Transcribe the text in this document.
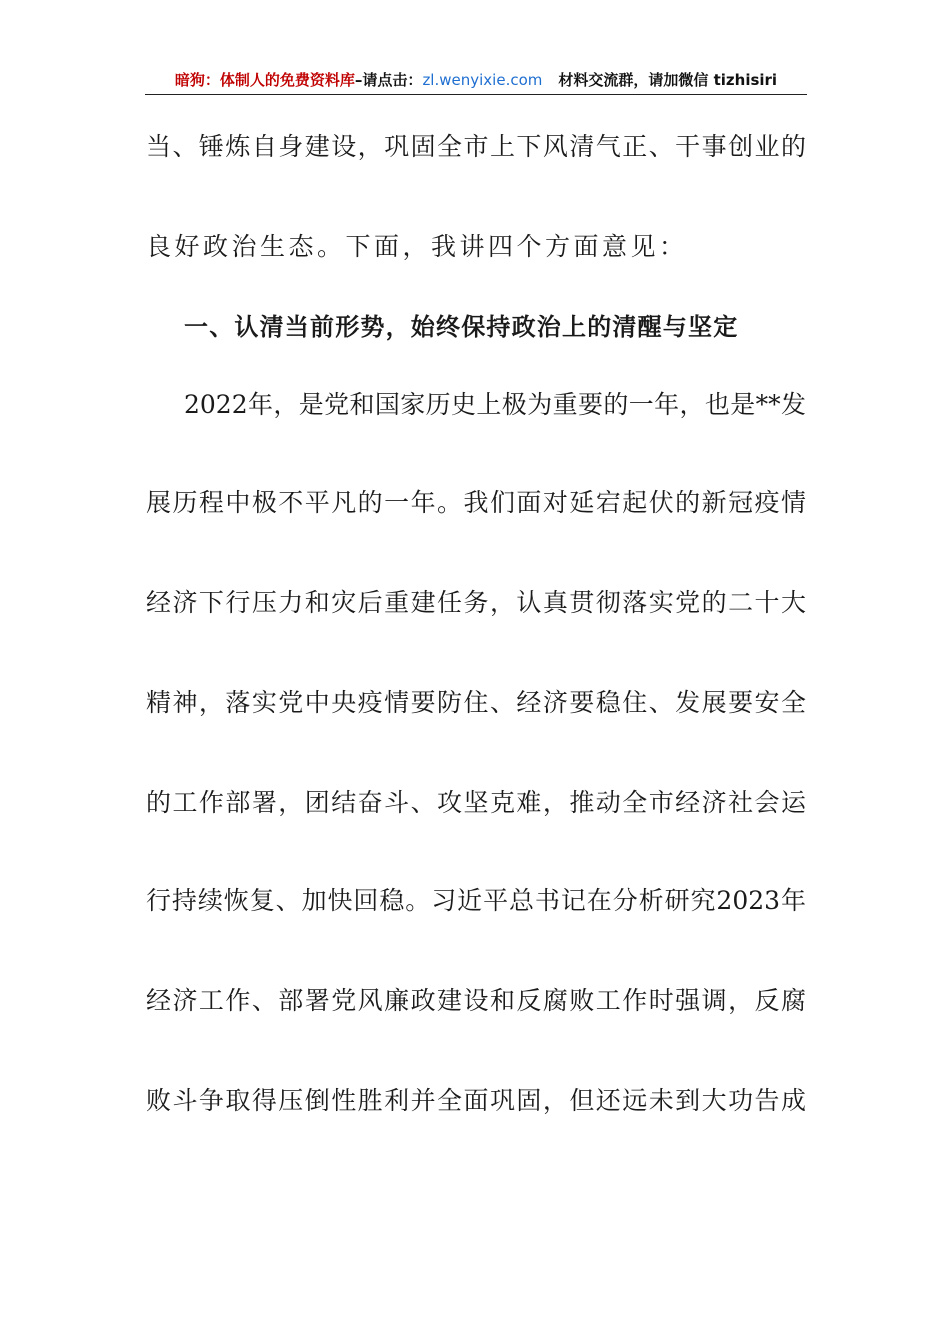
暗狗：体制人的免费资料库–请点击：zl.wenyixie.com 材料交流群，请加微信 tizhisiri
当、锤炼自身建设，巩固全市上下风清气正、干事创业的
良好政治生态。下面，我讲四个方面意见：
一、认清当前形势，始终保持政治上的清醒与坚定
2022年，是党和国家历史上极为重要的一年，也是**发
展历程中极不平凡的一年。我们面对延宕起伏的新冠疫情
经济下行压力和灾后重建任务，认真贯彻落实党的二十大
精神，落实党中央疫情要防住、经济要稳住、发展要安全
的工作部署，团结奋斗、攻坚克难，推动全市经济社会运
行持续恢复、加快回稳。习近平总书记在分析研究2023年
经济工作、部署党风廉政建设和反腐败工作时强调，反腐
败斗争取得压倒性胜利并全面巩固，但还远未到大功告成
